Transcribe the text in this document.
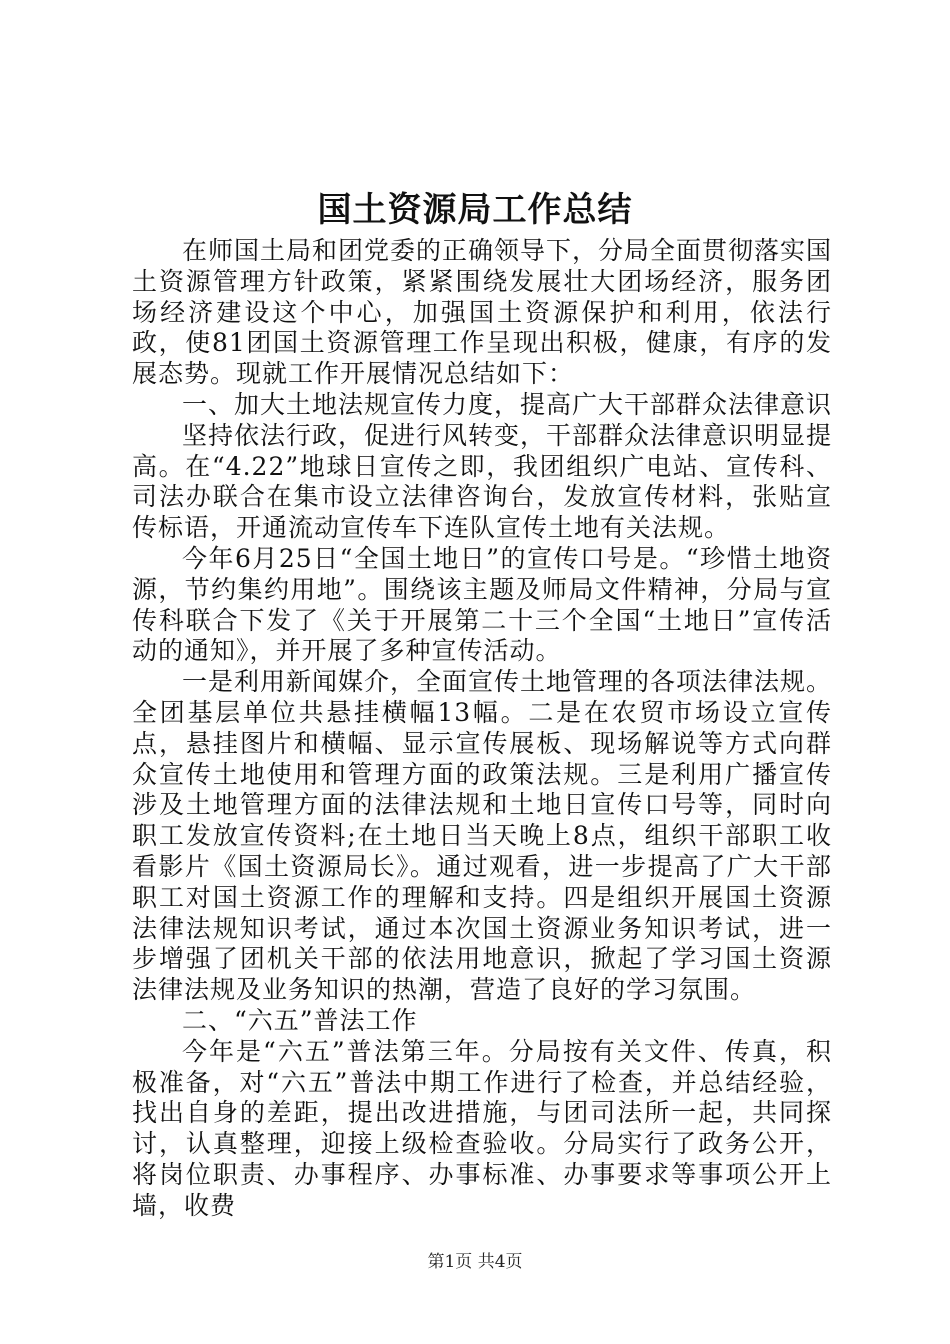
国土资源局工作总结

在师国土局和团党委的正确领导下，分局全面贯彻落实国土资源管理方针政策，紧紧围绕发展壮大团场经济，服务团场经济建设这个中心，加强国土资源保护和利用，依法行政，使81团国土资源管理工作呈现出积极，健康，有序的发展态势。现就工作开展情况总结如下：

一、加大土地法规宣传力度，提高广大干部群众法律意识

坚持依法行政，促进行风转变，干部群众法律意识明显提高。在“4.22”地球日宣传之即，我团组织广电站、宣传科、司法办联合在集市设立法律咨询台，发放宣传材料，张贴宣传标语，开通流动宣传车下连队宣传土地有关法规。

今年6月25日“全国土地日”的宣传口号是。“珍惜土地资源，节约集约用地”。围绕该主题及师局文件精神，分局与宣传科联合下发了《关于开展第二十三个全国“土地日”宣传活动的通知》，并开展了多种宣传活动。

一是利用新闻媒介，全面宣传土地管理的各项法律法规。全团基层单位共悬挂横幅13幅。二是在农贸市场设立宣传点，悬挂图片和横幅、显示宣传展板、现场解说等方式向群众宣传土地使用和管理方面的政策法规。三是利用广播宣传涉及土地管理方面的法律法规和土地日宣传口号等，同时向职工发放宣传资料;在土地日当天晚上8点，组织干部职工收看影片《国土资源局长》。通过观看，进一步提高了广大干部职工对国土资源工作的理解和支持。四是组织开展国土资源法律法规知识考试，通过本次国土资源业务知识考试，进一步增强了团机关干部的依法用地意识，掀起了学习国土资源法律法规及业务知识的热潮，营造了良好的学习氛围。

二、“六五”普法工作

今年是“六五”普法第三年。分局按有关文件、传真，积极准备，对“六五”普法中期工作进行了检查，并总结经验，找出自身的差距，提出改进措施，与团司法所一起，共同探讨，认真整理，迎接上级检查验收。分局实行了政务公开，将岗位职责、办事程序、办事标准、办事要求等事项公开上墙，收费

第1页 共4页
